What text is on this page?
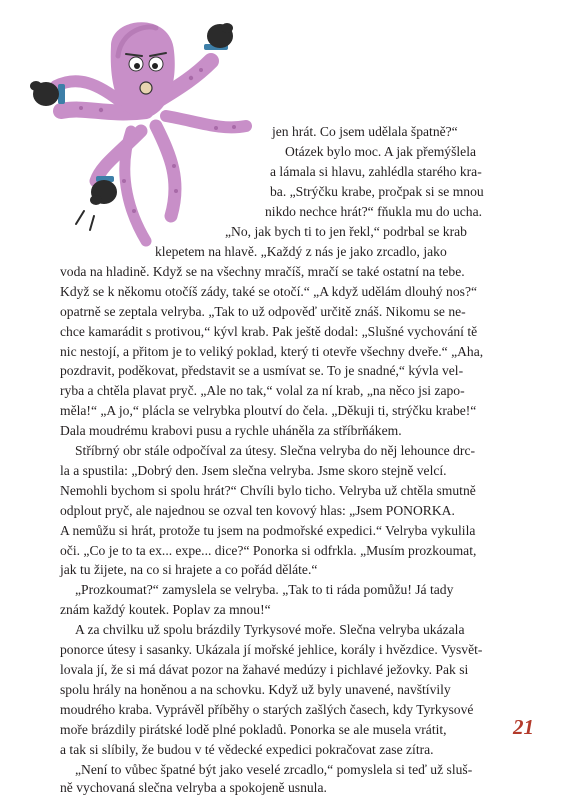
jen hrát. Co jsem udělala špatně?“
Otázek bylo moc. A jak přemýšlela
a lámala si hlavu, zahlédla starého kra-
ba. „Strýčku krabe, pročpak si se mnou
nikdo nechce hrát?“ fňukla mu do ucha.
„No, jak bych ti to jen řekl,“ podrbal se krab
klepetem na hlavě. „Každý z nás je jako zrcadlo, jako
voda na hladině. Když se na všechny mračíš, mračí se také ostatní na tebe.
Když se k někomu otočíš zády, také se otočí.“ „A když udělám dlouhý nos?“
opatrně se zeptala velryba. „Tak to už odpověď určitě znáš. Nikomu se ne-
chce kamarádit s protivou,“ kývl krab. Pak ještě dodal: „Slušné vychování tě
nic nestojí, a přitom je to veliký poklad, který ti otevře všechny dveře.“ „Aha,
pozdravit, poděkovat, představit se a usmívat se. To je snadné,“ kývla vel-
ryba a chtěla plavat pryč. „Ale no tak,“ volal za ní krab, „na něco jsi zapo-
měla!“ „A jo,“ plácla se velrybka ploutví do čela. „Děkuji ti, strýčku krabe!“
Dala moudrému krabovi pusu a rychle uháněla za stříbrňákem.
Stříbrný obr stále odpočíval za útesy. Slečna velryba do něj lehounce drc-
la a spustila: „Dobrý den. Jsem slečna velryba. Jsme skoro stejně velcí.
Nemohli bychom si spolu hrát?“ Chvíli bylo ticho. Velryba už chtěla smutně
odplout pryč, ale najednou se ozval ten kovový hlas: „Jsem PONORKA.
A nemůžu si hrát, protože tu jsem na podmořské expedici.“ Velryba vykulila
oči. „Co je to ta ex... expe... dice?“ Ponorka si odfrkla. „Musím prozkoumat,
jak tu žijete, na co si hrajete a co pořád děláte.“
„Prozkoumat?“ zamyslela se velryba. „Tak to ti ráda pomůžu! Já tady
znám každý koutek. Poplav za mnou!“
A za chvilku už spolu brázdily Tyrkysové moře. Slečna velryba ukázala
ponorce útesy i sasanky. Ukázala jí mořské jehlice, korály i hvězdice. Vysvět-
lovala jí, že si má dávat pozor na žahavé medúzy i pichlavé ježovky. Pak si
spolu hrály na honěnou a na schovku. Když už byly unavené, navštívily
moudrého kraba. Vyprávěl příběhy o starých zašlých časech, kdy Tyrkysové
moře brázdily pirátské lodě plné pokladů. Ponorka se ale musela vrátit,
a tak si slíbily, že budou v té vědecké expedici pokračovat zase zítra.
„Není to vůbec špatné být jako veselé zrcadlo,“ pomyslela si teď už sluš-
ně vychovaná slečna velryba a spokojeně usnula.
21
